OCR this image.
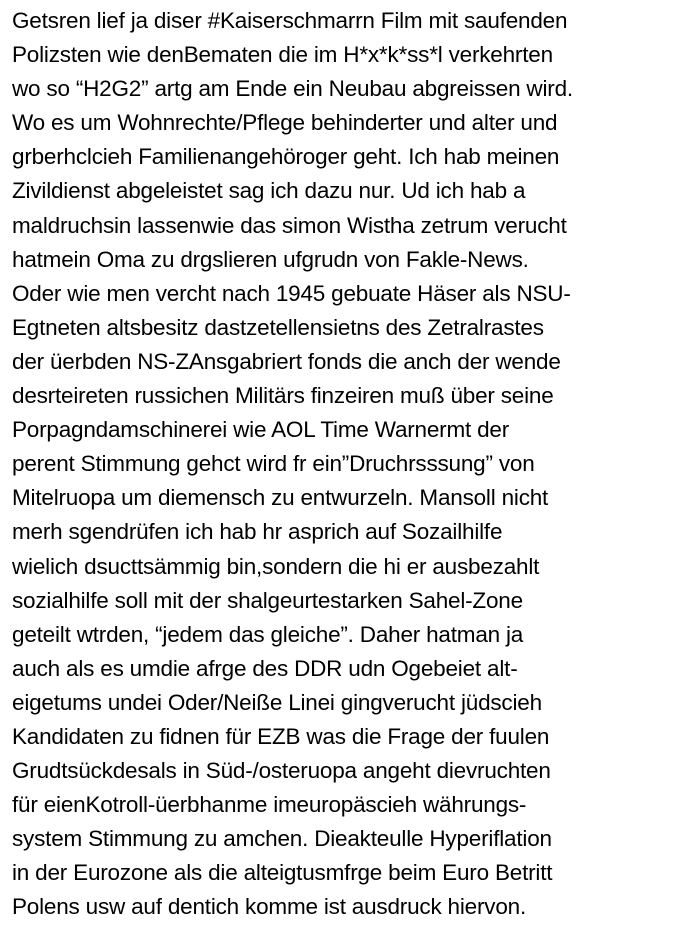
Getsren lief ja diser #Kaiserschmarrn Film mit saufenden
Polizsten wie denBematen die im H*x*k*ss*l verkehrten
wo so “H2G2” artg am Ende ein Neubau abgreissen wird.
Wo es um Wohnrechte/Pflege behinderter und alter und
grberhclcieh Familienangehöroger geht. Ich hab meinen
Zivildienst abgeleistet sag ich dazu nur. Ud ich hab a
maldruchsin lassenwie das simon Wistha zetrum verucht
hatmein Oma zu drgslieren ufgrudn von Fakle-News.
Oder wie men vercht nach 1945 gebuate Häser als NSU-
Egtneten altsbesitz dastzetellensietns des Zetralrastes
der üerbden NS-ZAnsgabriert fonds die anch der wende
desrteireten russichen Militärs finzeiren muß über seine
Porpagndamschinerei wie AOL Time Warnermt der
perent Stimmung gehct wird fr ein”Druchrsssung” von
Mitelruopa um diemensch zu entwurzeln. Mansoll nicht
merh sgendrüfen ich hab hr asprich auf Sozailhilfe
wielich dsucttsämmig bin,sondern die hi er ausbezahlt
sozialhilfe soll mit der shalgeurtestarken Sahel-Zone
geteilt wtrden, “jedem das gleiche”. Daher hatman ja
auch als es umdie afrge des DDR udn Ogebeiet alt-
eigetums undei Oder/Neiße Linei gingverucht jüdscieh
Kandidaten zu fidnen für EZB was die Frage der fuulen
Grudtsückdesals in Süd-/osteruopa angeht dievruchten
für eienKotroll-üerbhanme imeuropäscieh währungs-
system Stimmung zu amchen. Dieakteulle Hyperiflation
in der Eurozone als die alteigtusmfrge beim Euro Betritt
Polens usw auf dentich komme ist ausdruck hiervon.
